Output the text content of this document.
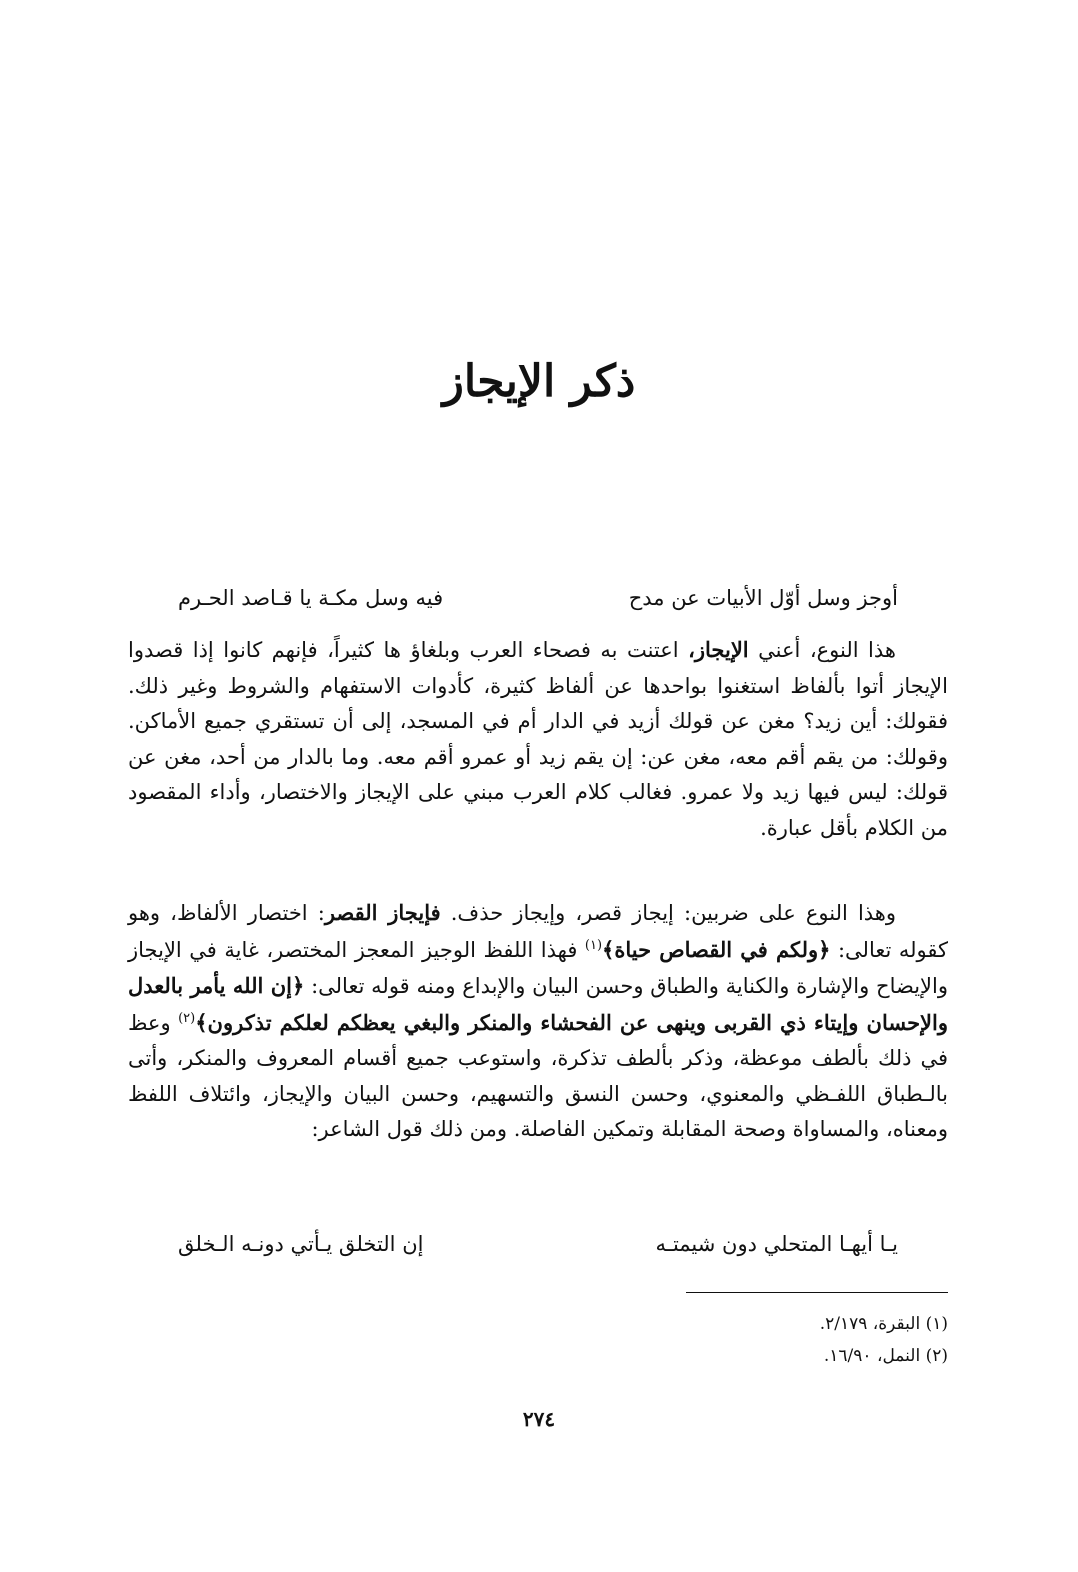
ذكر الإيجاز
أوجز وسل أوّل الأبيات عن مدح
فيه وسل مكـة يا قـاصد الحـرم

هذا النوع، أعني الإيجاز، اعتنت به فصحاء العرب وبلغاؤ ها كثيراً، فإنهم كانوا إذا قصدوا الإيجاز أتوا بألفاظ استغنوا بواحدها عن ألفاظ كثيرة، كأدوات الاستفهام والشروط وغير ذلك. فقولك: أين زيد؟ مغن عن قولك أزيد في الدار أم في المسجد، إلى أن تستقري جميع الأماكن. وقولك: من يقم أقم معه، مغن عن: إن يقم زيد أو عمرو أقم معه. وما بالدار من أحد، مغن عن قولك: ليس فيها زيد ولا عمرو. فغالب كلام العرب مبني على الإيجاز والاختصار، وأداء المقصود من الكلام بأقل عبارة.

وهذا النوع على ضربين: إيجاز قصر، وإيجاز حذف. فإيجاز القصر: اختصار الألفاظ، وهو كقوله تعالى: ﴿ولكم في القصاص حياة﴾$^{(١)}$ فهذا اللفظ الوجيز المعجز المختصر، غاية في الإيجاز والإيضاح والإشارة والكناية والطباق وحسن البيان والإبداع ومنه قوله تعالى: ﴿إن الله يأمر بالعدل والإحسان وإيتاء ذي القربى وينهى عن الفحشاء والمنكر والبغي يعظكم لعلكم تذكرون﴾$^{(٢)}$ وعظ في ذلك بألطف موعظة، وذكر بألطف تذكرة، واستوعب جميع أقسام المعروف والمنكر، وأتى بالـطباق اللفـظي والمعنوي، وحسن النسق والتسهيم، وحسن البيان والإيجاز، وائتلاف اللفظ ومعناه، والمساواة وصحة المقابلة وتمكين الفاصلة. ومن ذلك قول الشاعر:

يـا أيهـا المتحلي دون شيمتـه
إن التخلق يـأتي دونـه الـخلق
(١) البقرة، ٢/١٧٩.
(٢) النمل، ١٦/٩٠.
٢٧٤
